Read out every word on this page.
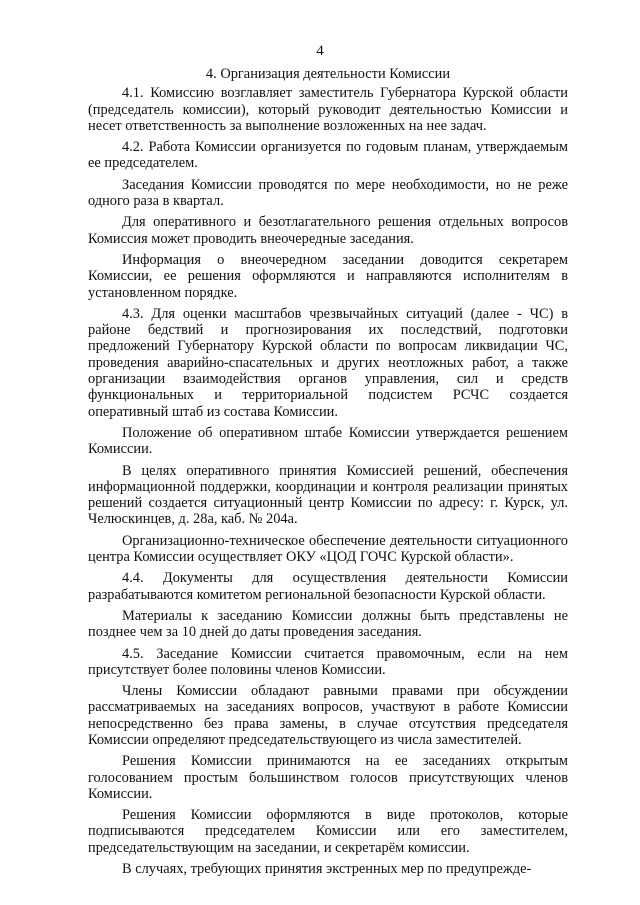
4
4. Организация деятельности Комиссии

4.1. Комиссию возглавляет заместитель Губернатора Курской области (председатель комиссии), который руководит деятельностью Комиссии и несет ответственность за выполнение возложенных на нее задач.

4.2. Работа Комиссии организуется по годовым планам, утверждаемым ее председателем.

Заседания Комиссии проводятся по мере необходимости, но не реже одного раза в квартал.

Для оперативного и безотлагательного решения отдельных вопросов Комиссия может проводить внеочередные заседания.

Информация о внеочередном заседании доводится секретарем Комиссии, ее решения оформляются и направляются исполнителям в установленном порядке.

4.3. Для оценки масштабов чрезвычайных ситуаций (далее - ЧС) в районе бедствий и прогнозирования их последствий, подготовки предложений Губернатору Курской области по вопросам ликвидации ЧС, проведения аварийно-спасательных и других неотложных работ, а также организации взаимодействия органов управления, сил и средств функциональных и территориальной подсистем РСЧС создается оперативный штаб из состава Комиссии.

Положение об оперативном штабе Комиссии утверждается решением Комиссии.

В целях оперативного принятия Комиссией решений, обеспечения информационной поддержки, координации и контроля реализации принятых решений создается ситуационный центр Комиссии по адресу: г. Курск, ул. Челюскинцев, д. 28а, каб. № 204а.

Организационно-техническое обеспечение деятельности ситуационного центра Комиссии осуществляет ОКУ «ЦОД ГОЧС Курской области».

4.4. Документы для осуществления деятельности Комиссии разрабатываются комитетом региональной безопасности Курской области.

Материалы к заседанию Комиссии должны быть представлены не позднее чем за 10 дней до даты проведения заседания.

4.5. Заседание Комиссии считается правомочным, если на нем присутствует более половины членов Комиссии.

Члены Комиссии обладают равными правами при обсуждении рассматриваемых на заседаниях вопросов, участвуют в работе Комиссии непосредственно без права замены, в случае отсутствия председателя Комиссии определяют председательствующего из числа заместителей.

Решения Комиссии принимаются на ее заседаниях открытым голосованием простым большинством голосов присутствующих членов Комиссии.

Решения Комиссии оформляются в виде протоколов, которые подписываются председателем Комиссии или его заместителем, председательствующим на заседании, и секретарём комиссии.

В случаях, требующих принятия экстренных мер по предупрежде-
